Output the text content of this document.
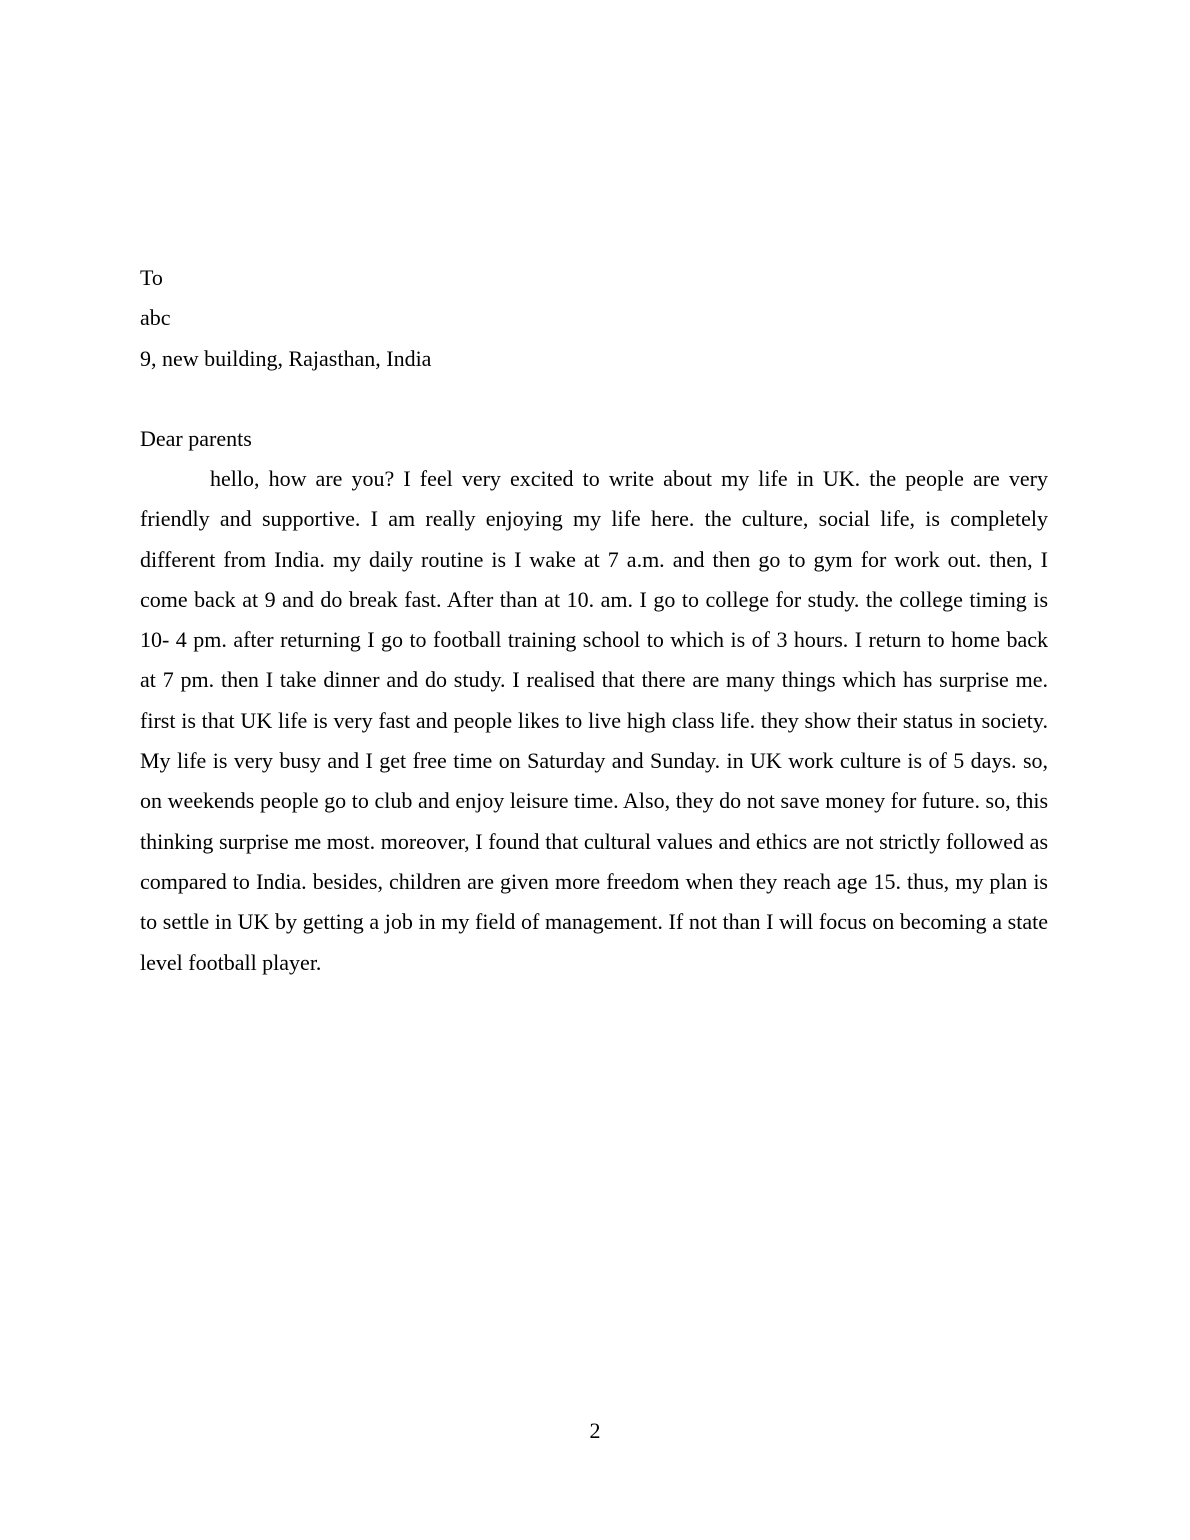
To
abc
9, new building, Rajasthan, India
Dear parents

hello, how are you? I feel very excited to write about my life in UK. the people are very friendly and supportive. I am really enjoying my life here. the culture, social life, is completely different from India. my daily routine is I wake at 7 a.m. and then go to gym for work out. then, I come back at 9 and do break fast. After than at 10. am. I go to college for study. the college timing is 10- 4 pm. after returning I go to football training school to which is of 3 hours. I return to home back at 7 pm. then I take dinner and do study. I realised that there are many things which has surprise me. first is that UK life is very fast and people likes to live high class life. they show their status in society. My life is very busy and I get free time on Saturday and Sunday. in UK work culture is of 5 days. so, on weekends people go to club and enjoy leisure time. Also, they do not save money for future. so, this thinking surprise me most. moreover, I found that cultural values and ethics are not strictly followed as compared to India. besides, children are given more freedom when they reach age 15. thus, my plan is to settle in UK by getting a job in my field of management. If not than I will focus on becoming a state level football player.

2
